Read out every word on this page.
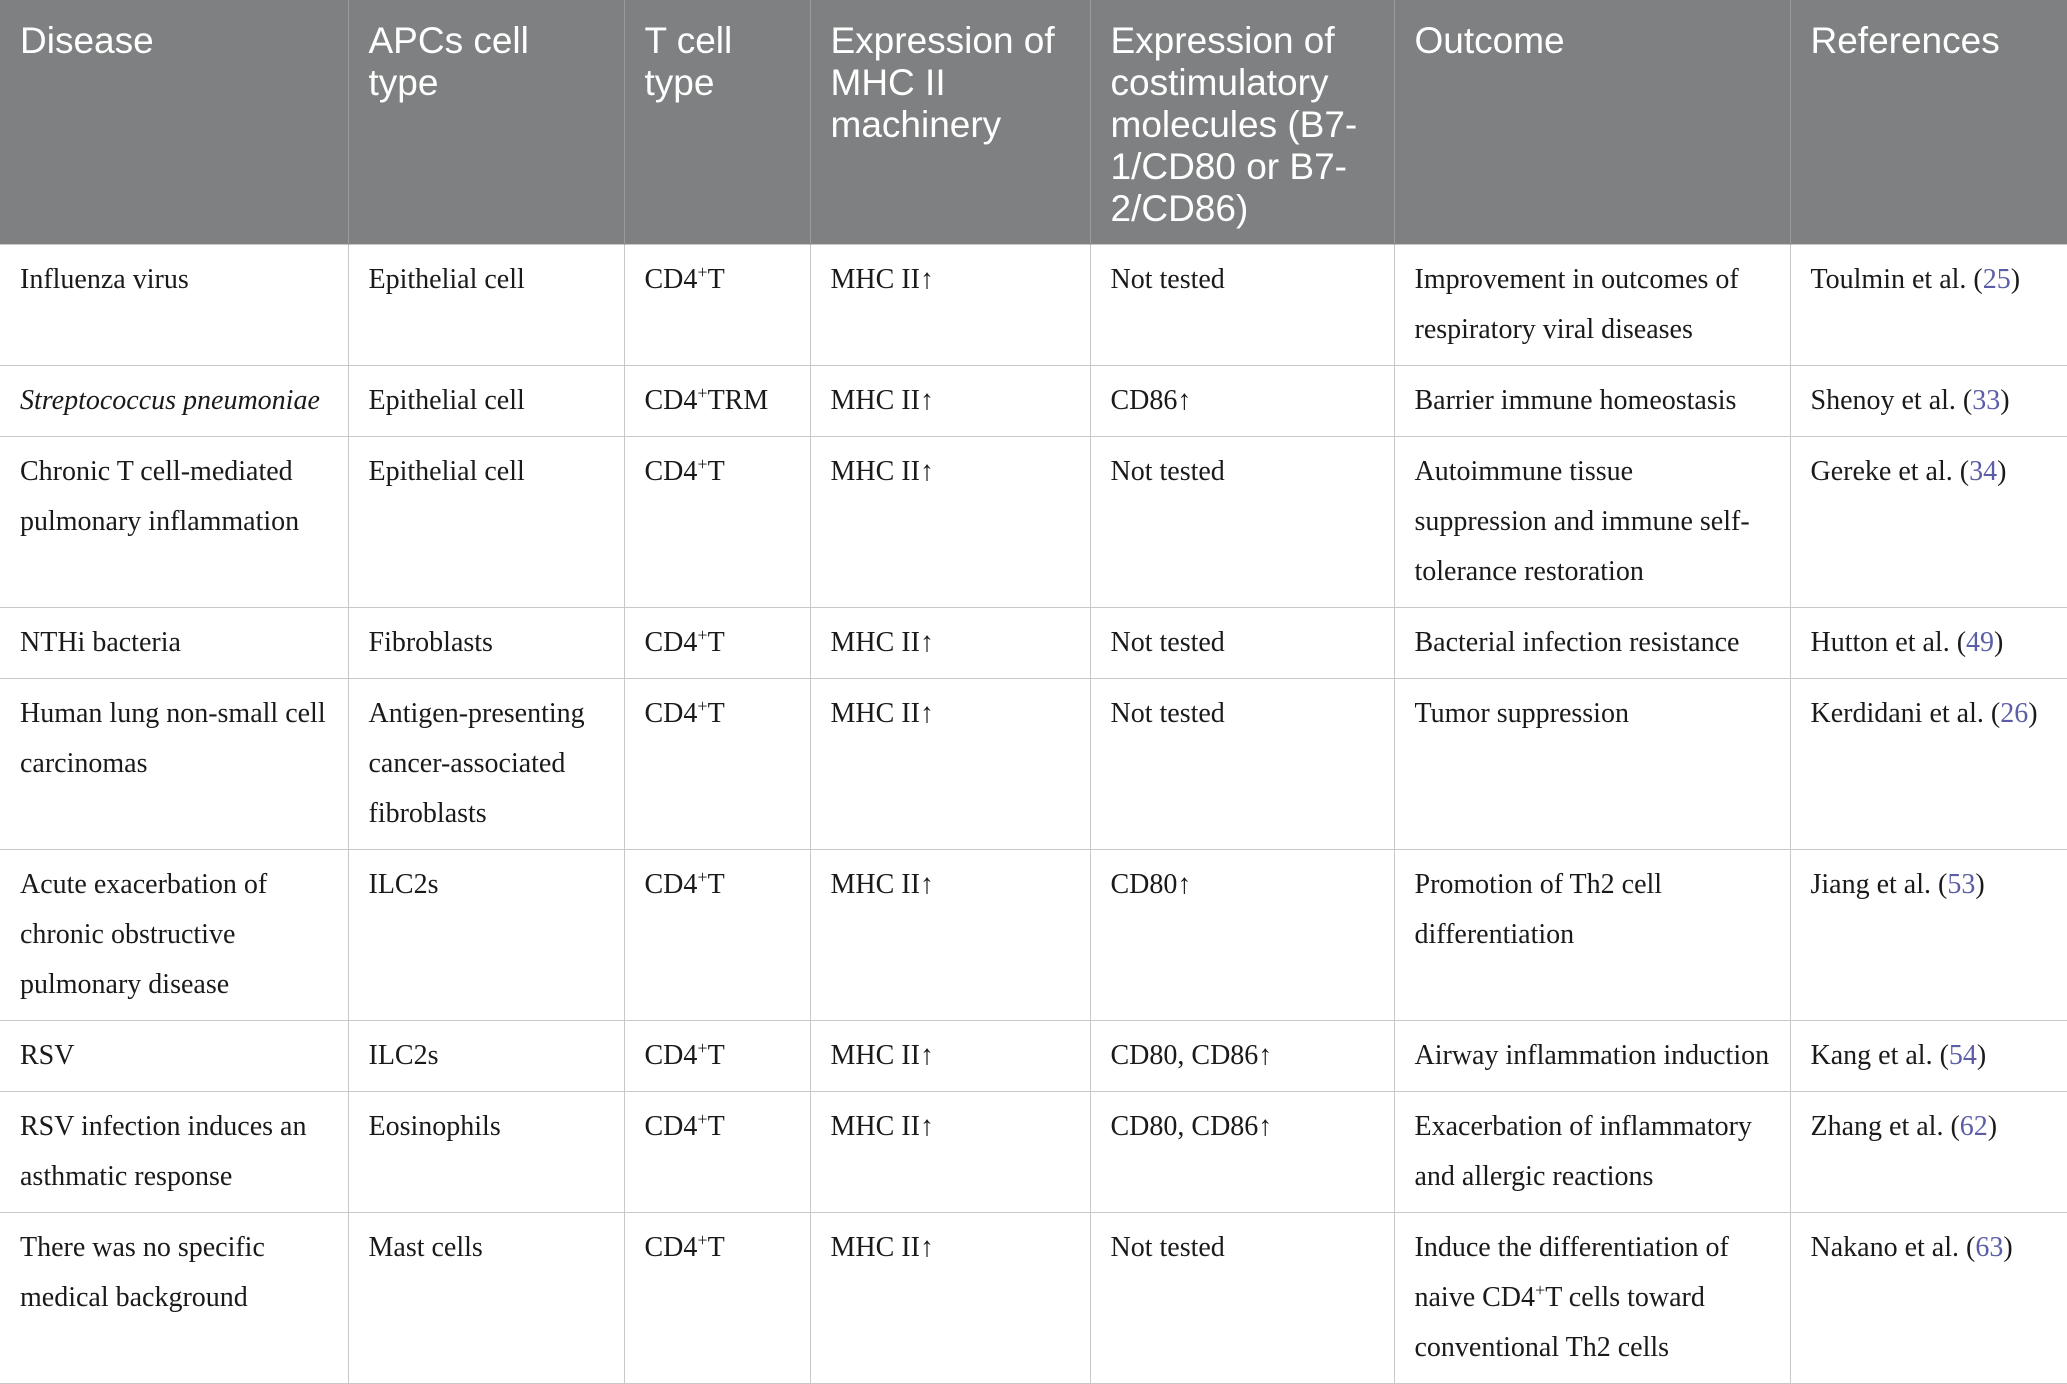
Disease	APCs cell type	T cell type	Expression of MHC II machinery	Expression of costimulatory molecules (B7-1/CD80 or B7-2/CD86)	Outcome	References
Influenza virus	Epithelial cell	CD4+T	MHC II↑	Not tested	Improvement in outcomes of respiratory viral diseases	Toulmin et al. (25)
Streptococcus pneumoniae	Epithelial cell	CD4+TRM	MHC II↑	CD86↑	Barrier immune homeostasis	Shenoy et al. (33)
Chronic T cell-mediated pulmonary inflammation	Epithelial cell	CD4+T	MHC II↑	Not tested	Autoimmune tissue suppression and immune self-tolerance restoration	Gereke et al. (34)
NTHi bacteria	Fibroblasts	CD4+T	MHC II↑	Not tested	Bacterial infection resistance	Hutton et al. (49)
Human lung non-small cell carcinomas	Antigen-presenting cancer-associated fibroblasts	CD4+T	MHC II↑	Not tested	Tumor suppression	Kerdidani et al. (26)
Acute exacerbation of chronic obstructive pulmonary disease	ILC2s	CD4+T	MHC II↑	CD80↑	Promotion of Th2 cell differentiation	Jiang et al. (53)
RSV	ILC2s	CD4+T	MHC II↑	CD80, CD86↑	Airway inflammation induction	Kang et al. (54)
RSV infection induces an asthmatic response	Eosinophils	CD4+T	MHC II↑	CD80, CD86↑	Exacerbation of inflammatory and allergic reactions	Zhang et al. (62)
There was no specific medical background	Mast cells	CD4+T	MHC II↑	Not tested	Induce the differentiation of naive CD4+T cells toward conventional Th2 cells	Nakano et al. (63)
